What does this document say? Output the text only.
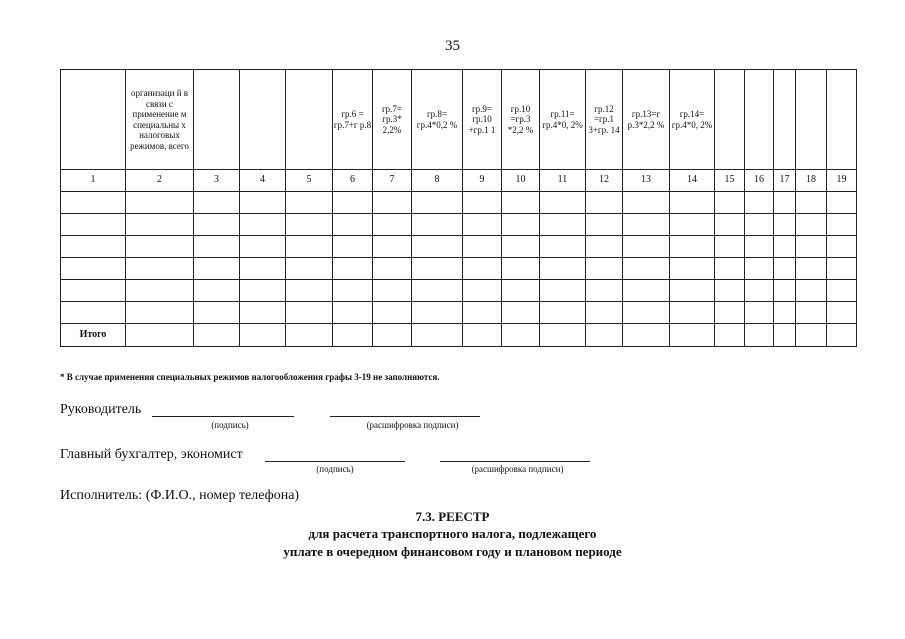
35
	организаци й в связи с применение м специальны х налоговых режимов, всего				гр.6 = гр.7+г р.8	гр.7= гр.3* 2,2%	гр.8= гр.4*0,2 %	гр.9= гр.10 +гр.1 1	гр.10 =гр.3 *2,2 %	гр.11= гр.4*0, 2%	гр.12 =гр.1 3+гр. 14	гр.13=г р.3*2,2 %	гр.14= гр.4*0, 2%					
1	2	3	4	5	6	7	8	9	10	11	12	13	14	15	16	17	18	19

Итого																		
* В случае применения специальных режимов налогообложения графы 3-19 не заполняются.
Руководитель
(подпись)	(расшифровка подписи)
Главный бухгалтер, экономист
(подпись)	(расшифровка подписи)
Исполнитель: (Ф.И.О., номер телефона)
7.3. РЕЕСТР
для расчета транспортного налога, подлежащего
уплате в очередном финансовом году и плановом периоде
